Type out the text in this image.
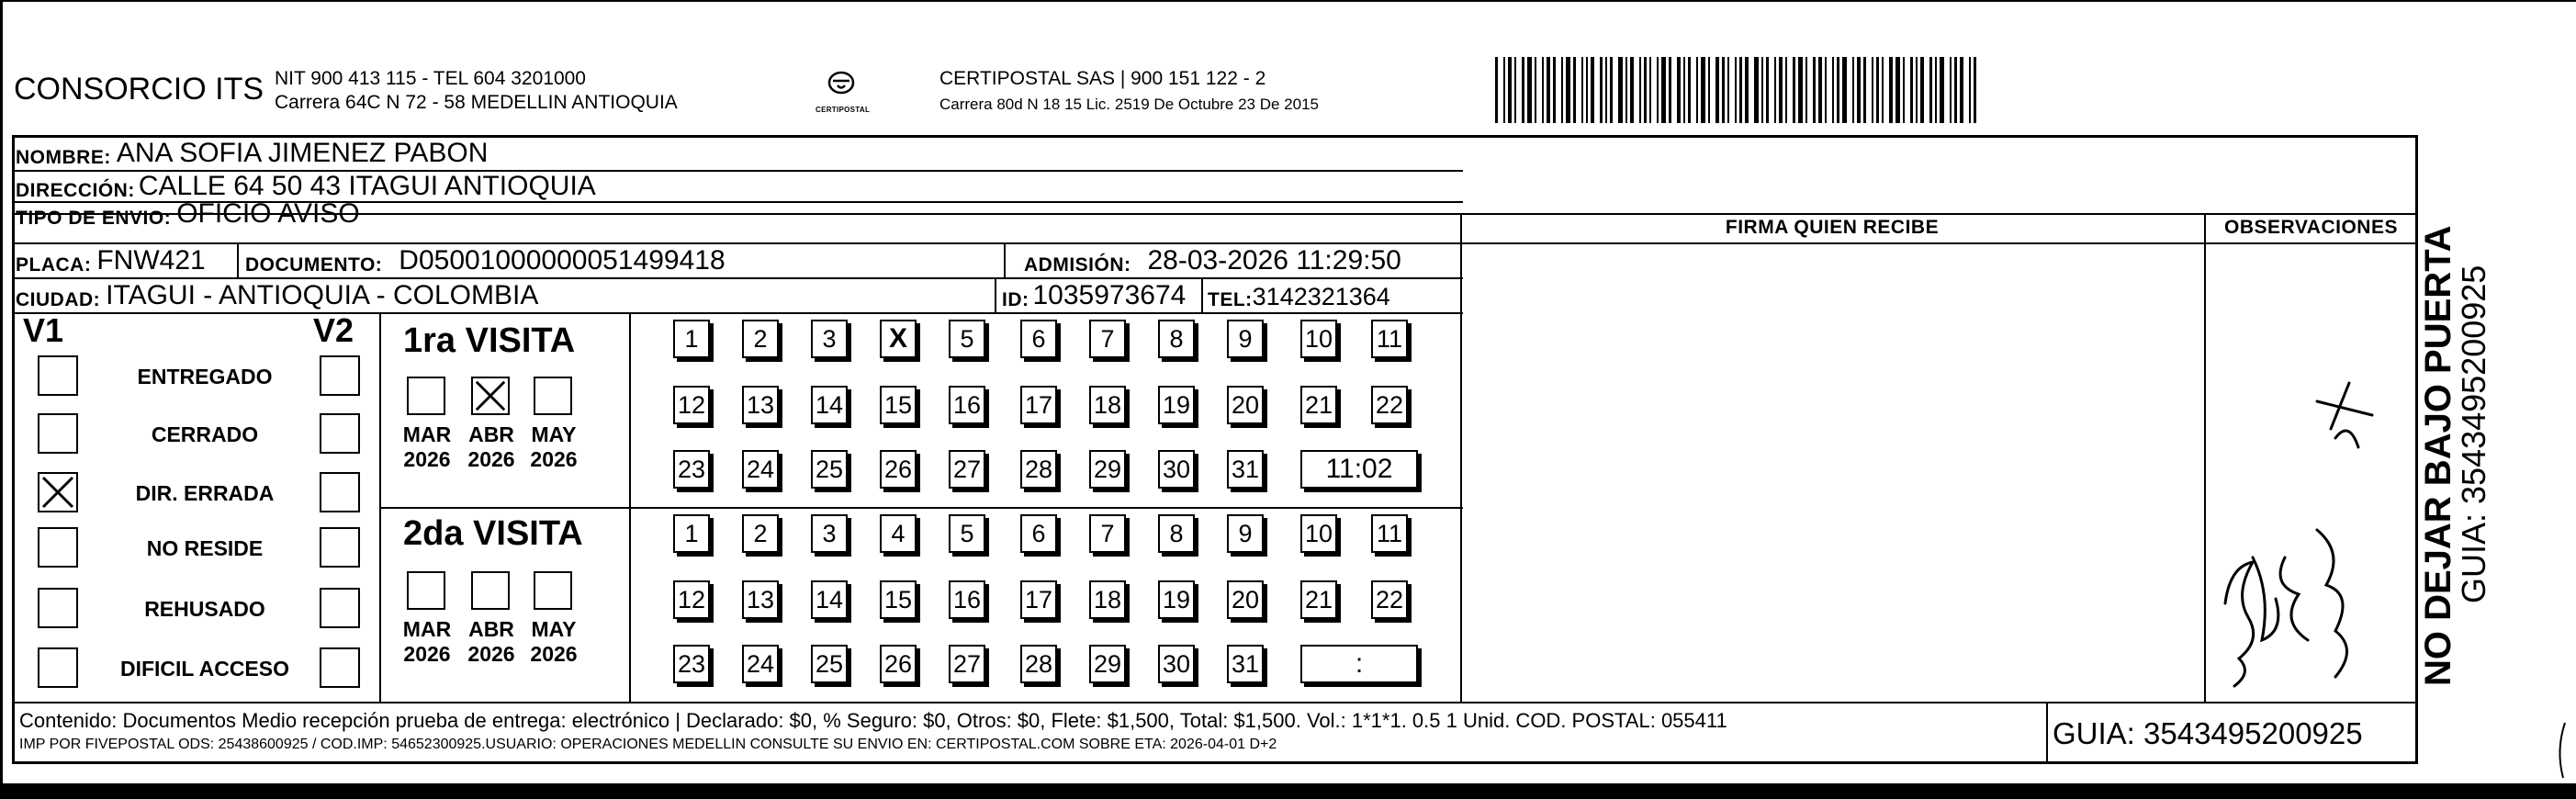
CONSORCIO ITS NIT 900 413 115 - TEL 604 3201000
Carrera 64C N 72 - 58 MEDELLIN ANTIOQUIA	CERTIPOSTAL
CERTIPOSTAL SAS | 900 151 122 - 2
Carrera 80d N 18 15 Lic. 2519 De Octubre 23 De 2015
NOMBRE: ANA SOFIA JIMENEZ PABON
DIRECCIÓN: CALLE 64 50 43 ITAGUI ANTIOQUIA
TIPO DE ENVIO: OFICIO AVISO	FIRMA QUIEN RECIBE	OBSERVACIONES
PLACA: FNW421 DOCUMENTO: D05001000000051499418	ADMISIÓN: 28-03-2026 11:29:50
CIUDAD: ITAGUI - ANTIOQUIA - COLOMBIA	ID: 1035973674 TEL: 3142321364
V1	V2
ENTREGADO
CERRADO
DIR. ERRADA
NO RESIDE
REHUSADO
DIFICIL ACCESO
1ra VISITA
2da VISITA
MAR
2026
ABR
2026
MAY
2026
1	2	3	X	5	6	7	8	9	10 11
12 13 14 15 16 17 18 19 20 21 22
23 24 25 26 27 28 29 30 31	11:02
MAR
2026
ABR
2026
MAY
2026
1	2	3	4	5	6	7	8	9	10 11
12 13 14 15 16 17 18 19 20 21 22
23 24 25 26 27 28 29 30 31	:
Contenido: Documentos Medio recepción prueba de entrega: electrónico | Declarado: $0, % Seguro: $0, Otros: $0, Flete: $1,500, Total: $1,500. Vol.: 1*1*1. 0.5 1 Unid. COD. POSTAL: 055411
IMP POR FIVEPOSTAL ODS: 25438600925 / COD.IMP: 54652300925.USUARIO: OPERACIONES MEDELLIN CONSULTE SU ENVIO EN: CERTIPOSTAL.COM SOBRE ETA: 2026-04-01 D+2	GUIA: 3543495200925
NO DEJAR BAJO PUERTA
GUIA: 3543495200925
